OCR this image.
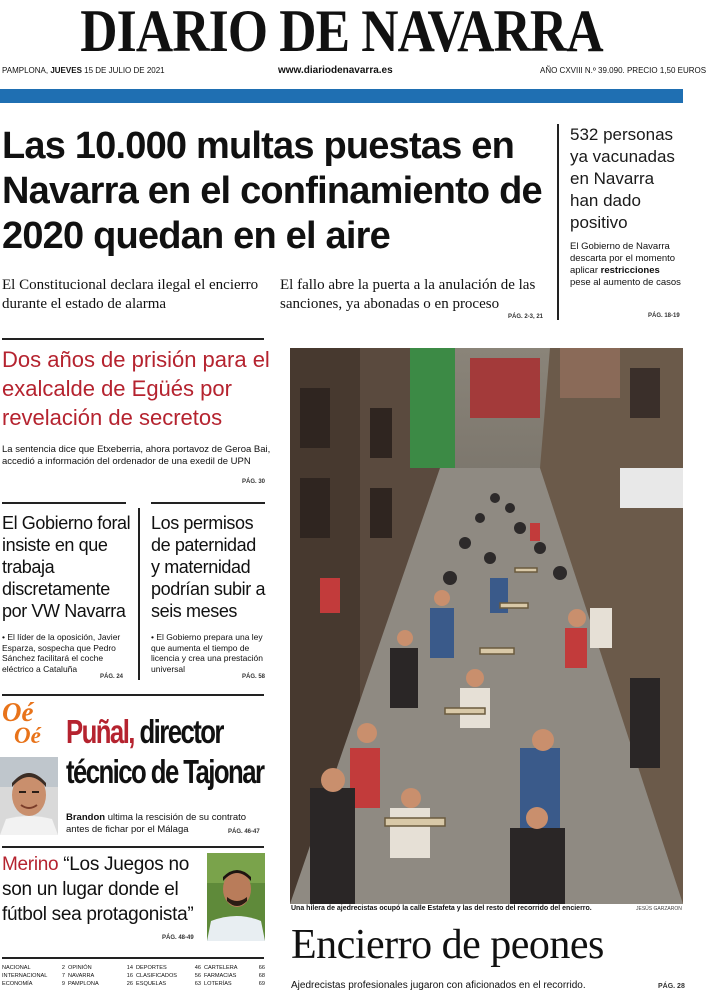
DIARIO DE NAVARRA
PAMPLONA, JUEVES 15 DE JULIO DE 2021	www.diariodenavarra.es	AÑO CXVIII N.º 39.090. PRECIO 1,50 EUROS
Las 10.000 multas puestas en Navarra en el confinamiento de 2020 quedan en el aire
El Constitucional declara ilegal el encierro durante el estado de alarma
El fallo abre la puerta a la anulación de las sanciones, ya abonadas o en proceso
PÁG. 2-3, 21
532 personas ya vacunadas en Navarra han dado positivo
El Gobierno de Navarra descarta por el momento aplicar restricciones pese al aumento de casos
PÁG. 18-19
Dos años de prisión para el exalcalde de Egüés por revelación de secretos
La sentencia dice que Etxeberria, ahora portavoz de Geroa Bai, accedió a información del ordenador de una exedil de UPN
PÁG. 30
El Gobierno foral insiste en que trabaja discretamente por VW Navarra
• El líder de la oposición, Javier Esparza, sospecha que Pedro Sánchez facilitará el coche eléctrico a Cataluña
PÁG. 24
Los permisos de paternidad y maternidad podrían subir a seis meses
• El Gobierno prepara una ley que aumenta el tiempo de licencia y crea una prestación universal
PÁG. 58
Oé
Oé Puñal, director técnico de Tajonar
Brandon ultima la rescisión de su contrato antes de fichar por el Málaga	PÁG. 46-47
Merino “Los Juegos no son un lugar donde el fútbol sea protagonista”
PÁG. 48-49
NACIONAL	2 OPINIÓN	14 DEPORTES	46 CARTELERA	66
INTERNACIONAL	7 NAVARRA	16 CLASIFICADOS	56 FARMACIAS	68
ECONOMÍA	9 PAMPLONA	26 ESQUELAS	63 LOTERÍAS	69
Una hilera de ajedrecistas ocupó la calle Estafeta y las del resto del recorrido del encierro.	JESÚS GARZARON
Encierro de peones
Ajedrecistas profesionales jugaron con aficionados en el recorrido.	PÁG. 28
